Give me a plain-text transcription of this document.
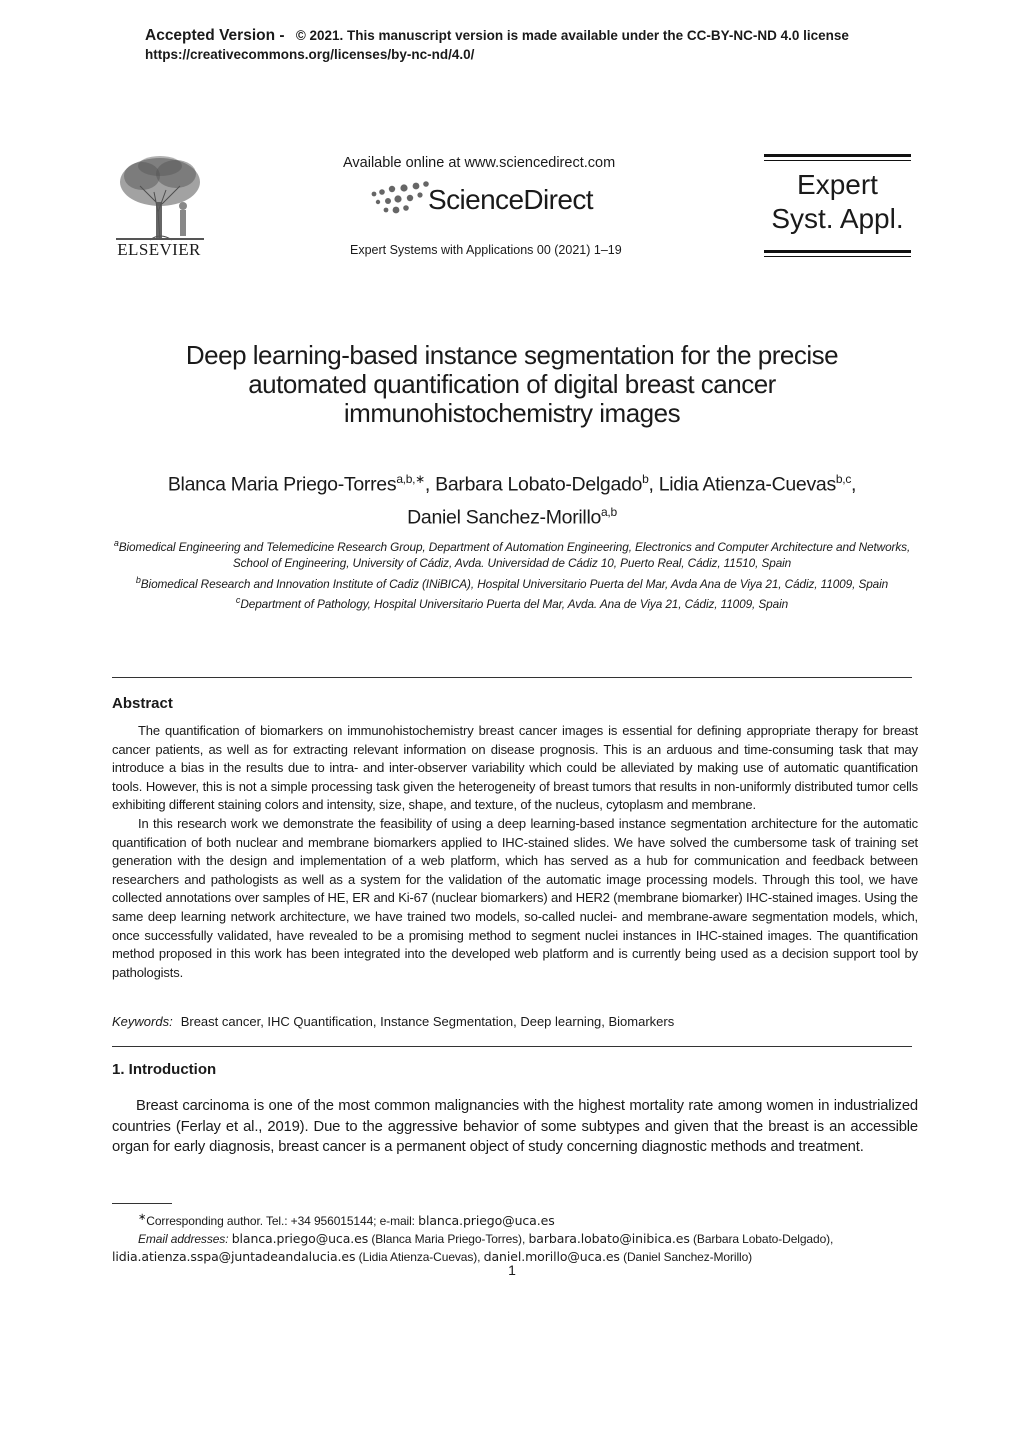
Accepted Version - © 2021. This manuscript version is made available under the CC-BY-NC-ND 4.0 license
https://creativecommons.org/licenses/by-nc-nd/4.0/
ELSEVIER
Available online at www.sciencedirect.com
ScienceDirect
Expert Systems with Applications 00 (2021) 1–19
Expert
Syst. Appl.
Deep learning-based instance segmentation for the precise
automated quantification of digital breast cancer
immunohistochemistry images
Blanca Maria Priego-Torres$^{a,b,∗}$, Barbara Lobato-Delgado$^b$, Lidia Atienza-Cuevas$^{b,c}$,
Daniel Sanchez-Morillo$^{a,b}$
$^a$Biomedical Engineering and Telemedicine Research Group, Department of Automation Engineering, Electronics and Computer Architecture and Networks, School of Engineering, University of Cádiz, Avda. Universidad de Cádiz 10, Puerto Real, Cádiz, 11510, Spain
$^b$Biomedical Research and Innovation Institute of Cadiz (INiBICA), Hospital Universitario Puerta del Mar, Avda Ana de Viya 21, Cádiz, 11009, Spain
$^c$Department of Pathology, Hospital Universitario Puerta del Mar, Avda. Ana de Viya 21, Cádiz, 11009, Spain
Abstract

The quantification of biomarkers on immunohistochemistry breast cancer images is essential for defining appropriate therapy for breast cancer patients, as well as for extracting relevant information on disease prognosis. This is an arduous and time-consuming task that may introduce a bias in the results due to intra- and inter-observer variability which could be alleviated by making use of automatic quantification tools. However, this is not a simple processing task given the heterogeneity of breast tumors that results in non-uniformly distributed tumor cells exhibiting different staining colors and intensity, size, shape, and texture, of the nucleus, cytoplasm and membrane.

In this research work we demonstrate the feasibility of using a deep learning-based instance segmentation architecture for the automatic quantification of both nuclear and membrane biomarkers applied to IHC-stained slides. We have solved the cumbersome task of training set generation with the design and implementation of a web platform, which has served as a hub for communication and feedback between researchers and pathologists as well as a system for the validation of the automatic image processing models. Through this tool, we have collected annotations over samples of HE, ER and Ki-67 (nuclear biomarkers) and HER2 (membrane biomarker) IHC-stained images. Using the same deep learning network architecture, we have trained two models, so-called nuclei- and membrane-aware segmentation models, which, once successfully validated, have revealed to be a promising method to segment nuclei instances in IHC-stained images. The quantification method proposed in this work has been integrated into the developed web platform and is currently being used as a decision support tool by pathologists.

Keywords: Breast cancer, IHC Quantification, Instance Segmentation, Deep learning, Biomarkers
1. Introduction

Breast carcinoma is one of the most common malignancies with the highest mortality rate among women in industrialized countries (Ferlay et al., 2019). Due to the aggressive behavior of some subtypes and given that the breast is an accessible organ for early diagnosis, breast cancer is a permanent object of study concerning diagnostic methods and treatment.

∗Corresponding author. Tel.: +34 956015144; e-mail: blanca.priego@uca.es
Email addresses: blanca.priego@uca.es (Blanca Maria Priego-Torres), barbara.lobato@inibica.es (Barbara Lobato-Delgado), lidia.atienza.sspa@juntadeandalucia.es (Lidia Atienza-Cuevas), daniel.morillo@uca.es (Daniel Sanchez-Morillo)
1
